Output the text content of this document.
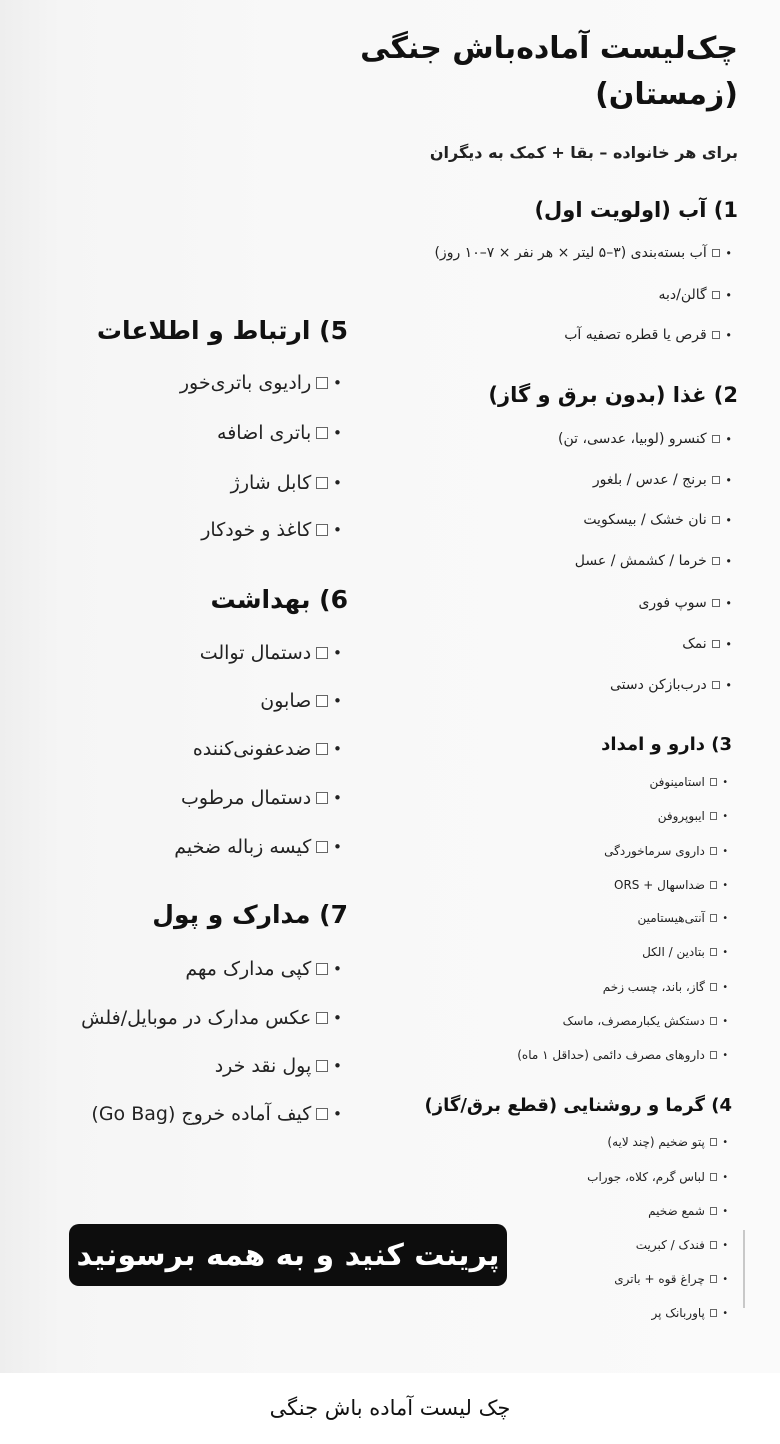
چک‌لیست آماده‌باش جنگی
(زمستان)
برای هر خانواده – بقا + کمک به دیگران
1) آب (اولویت اول)
•
آب بسته‌بندی (۳–۵ لیتر × هر نفر × ۷–۱۰ روز)
•
گالن/دبه
•
قرص یا قطره تصفیه آب
2) غذا (بدون برق و گاز)
•
کنسرو (لوبیا، عدسی، تن)
•
برنج / عدس / بلغور
•
نان خشک / بیسکویت
•
خرما / کشمش / عسل
•
سوپ فوری
•
نمک
•
درب‌بازکن دستی
3) دارو و امداد
•
استامینوفن
•
ایبوپروفن
•
داروی سرماخوردگی
•
ضداسهال + ORS
•
آنتی‌هیستامین
•
بتادین / الکل
•
گاز، باند، چسب زخم
•
دستکش یکبارمصرف، ماسک
•
داروهای مصرف دائمی (حداقل ۱ ماه)
4) گرما و روشنایی (قطع برق/گاز)
•
پتو ضخیم (چند لایه)
•
لباس گرم، کلاه، جوراب
•
شمع ضخیم
•
فندک / کبریت
•
چراغ قوه + باتری
•
پاوربانک پر
5) ارتباط و اطلاعات
•
رادیوی باتری‌خور
•
باتری اضافه
•
کابل شارژ
•
کاغذ و خودکار
6) بهداشت
•
دستمال توالت
•
صابون
•
ضدعفونی‌کننده
•
دستمال مرطوب
•
کیسه زباله ضخیم
7) مدارک و پول
•
کپی مدارک مهم
•
عکس مدارک در موبایل/فلش
•
پول نقد خرد
•
کیف آماده خروج (Go Bag)
پرینت کنید و به همه برسونید
چک لیست آماده باش جنگی
